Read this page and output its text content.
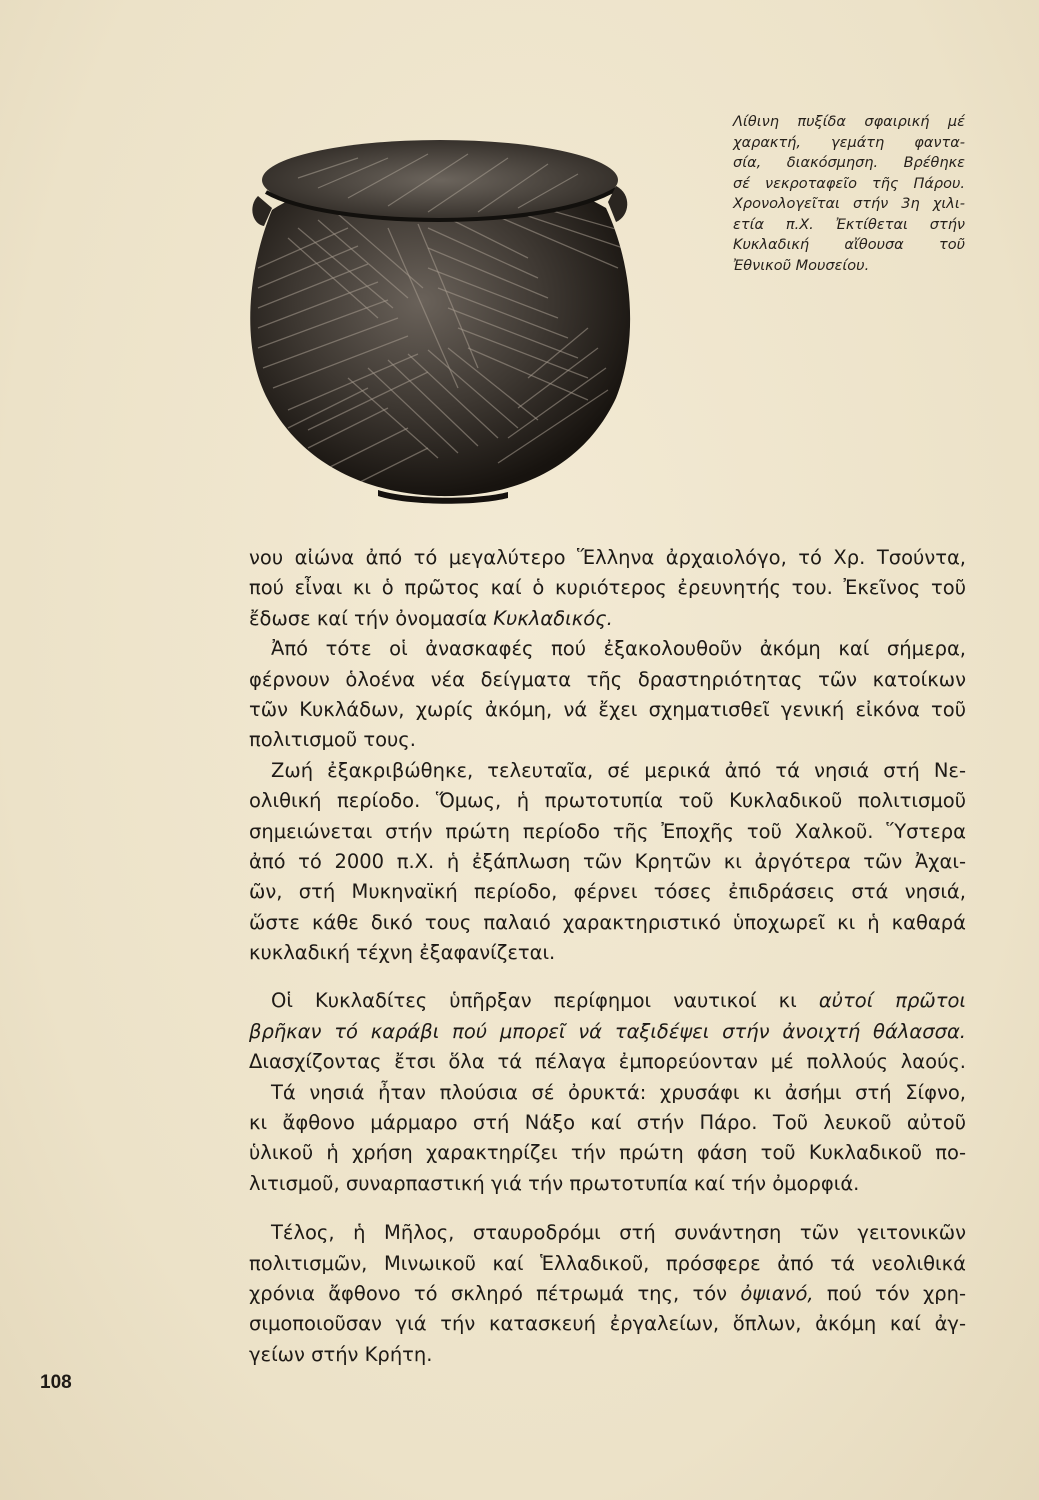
Λίθινη πυξίδα σφαιρική μέ
χαρακτή, γεμάτη φαντα-
σία, διακόσμηση. Βρέθηκε
σέ νεκροταφεῖο τῆς Πάρου.
Χρονολογεῖται στήν 3η χιλι-
ετία π.Χ. Ἐκτίθεται στήν
Κυκλαδική αἴθουσα τοῦ
Ἐθνικοῦ Μουσείου.
νου αἰώνα ἀπό τό μεγαλύτερο Ἕλληνα ἀρχαιολόγο, τό Χρ. Τσούντα,
πού εἶναι κι ὁ πρῶτος καί ὁ κυριότερος ἐρευνητής του. Ἐκεῖνος τοῦ
ἔδωσε καί τήν ὀνομασία Κυκλαδικός.
Ἀπό τότε οἱ ἀνασκαφές πού ἐξακολουθοῦν ἀκόμη καί σήμερα,
φέρνουν ὁλοένα νέα δείγματα τῆς δραστηριότητας τῶν κατοίκων
τῶν Κυκλάδων, χωρίς ἀκόμη, νά ἔχει σχηματισθεῖ γενική εἰκόνα τοῦ
πολιτισμοῦ τους.
Ζωή ἐξακριβώθηκε, τελευταῖα, σέ μερικά ἀπό τά νησιά στή Νε-
ολιθική περίοδο. Ὅμως, ἡ πρωτοτυπία τοῦ Κυκλαδικοῦ πολιτισμοῦ
σημειώνεται στήν πρώτη περίοδο τῆς Ἐποχῆς τοῦ Χαλκοῦ. Ὕστερα
ἀπό τό 2000 π.Χ. ἡ ἐξάπλωση τῶν Κρητῶν κι ἀργότερα τῶν Ἀχαι-
ῶν, στή Μυκηναϊκή περίοδο, φέρνει τόσες ἐπιδράσεις στά νησιά,
ὥστε κάθε δικό τους παλαιό χαρακτηριστικό ὑποχωρεῖ κι ἡ καθαρά
κυκλαδική τέχνη ἐξαφανίζεται.
Οἱ Κυκλαδίτες ὑπῆρξαν περίφημοι ναυτικοί κι αὐτοί πρῶτοι
βρῆκαν τό καράβι πού μπορεῖ νά ταξιδέψει στήν ἀνοιχτή θάλασσα.
Διασχίζοντας ἔτσι ὅλα τά πέλαγα ἐμπορεύονταν μέ πολλούς λαούς.
Τά νησιά ἦταν πλούσια σέ ὀρυκτά: χρυσάφι κι ἀσήμι στή Σίφνο,
κι ἄφθονο μάρμαρο στή Νάξο καί στήν Πάρο. Τοῦ λευκοῦ αὐτοῦ
ὑλικοῦ ἡ χρήση χαρακτηρίζει τήν πρώτη φάση τοῦ Κυκλαδικοῦ πο-
λιτισμοῦ, συναρπαστική γιά τήν πρωτοτυπία καί τήν ὀμορφιά.
Τέλος, ἡ Μῆλος, σταυροδρόμι στή συνάντηση τῶν γειτονικῶν
πολιτισμῶν, Μινωικοῦ καί Ἑλλαδικοῦ, πρόσφερε ἀπό τά νεολιθικά
χρόνια ἄφθονο τό σκληρό πέτρωμά της, τόν ὀψιανό, πού τόν χρη-
σιμοποιοῦσαν γιά τήν κατασκευή ἐργαλείων, ὅπλων, ἀκόμη καί ἀγ-
γείων στήν Κρήτη.
108
